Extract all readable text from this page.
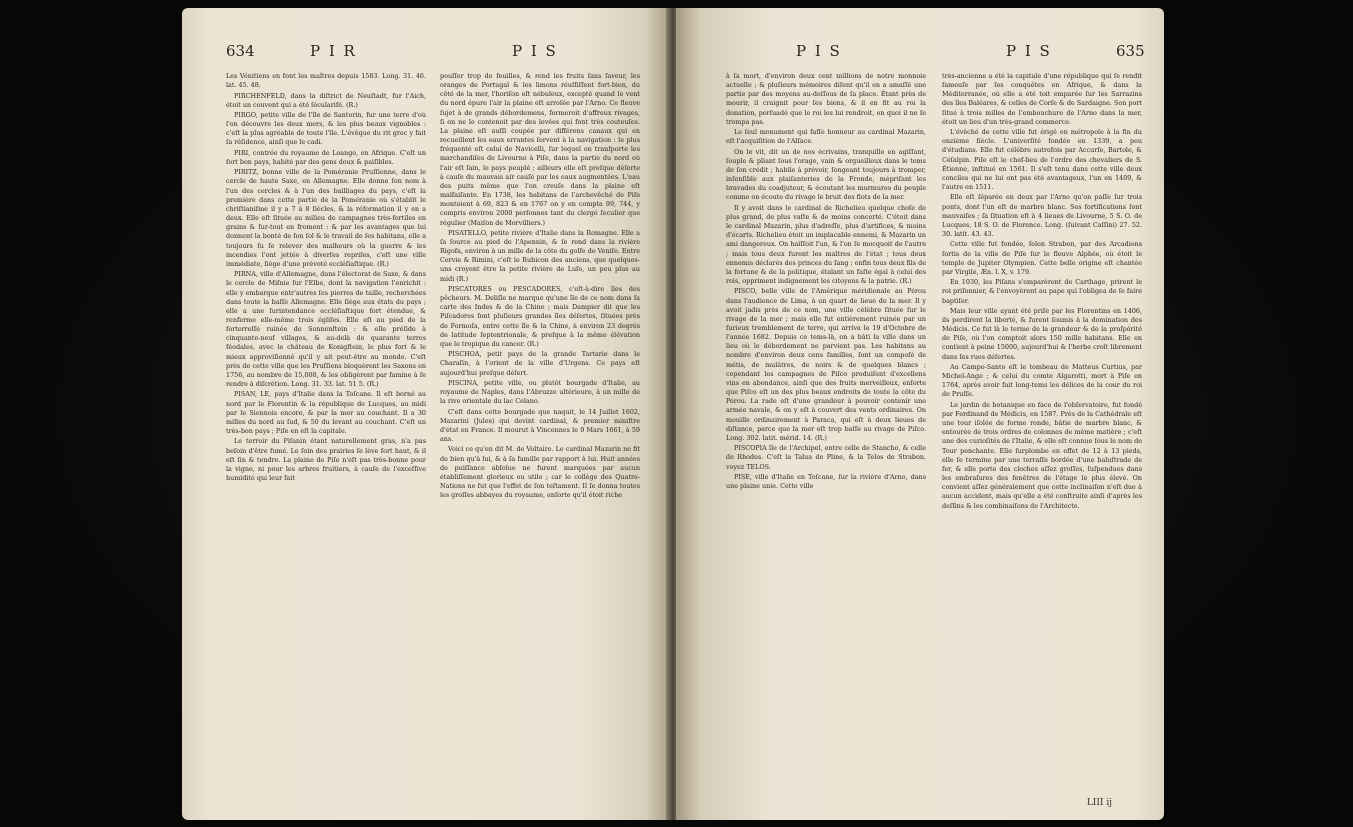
634	P I R	P I S

Les Vénitiens en font les maîtres depuis 1583. Long. 31. 46. lat. 45. 48.

PIRCHENFELD, dans la diſtrict de Neuſtadt, fur l'Aich, étoit un couvent qui a été ſécularifé. (R.)

PIRGO, petite ville de l'île de Santorin, fur une terre d'où l'on découvre les deux mers, & les plus beaux vignobles : c'eſt la plus agréable de toute l'île. L'évêque du rit grec y fait ſa réſidence, ainſi que le cadi.

PIRI, contrée du royaume de Loango, en Afrique. C'eſt un fort bon pays, habité par des gens doux & paiſibles.

PIRITZ, bonne ville de la Poméranie Pruſſienne, dans le cercle de haute Saxe, en Allemagne. Elle donne ſon nom à l'un des cercles & à l'un des bailliages du pays, c'eſt la première dans cette partie de la Poméranie où s'établit le chriſtianiſme il y a 7 à 8 ſiècles, & la réformation il y en a deux. Elle eſt ſituée au milieu de campagnes très-fertiles en grains & ſur-tout en froment : & par les avantages que lui donnent la bonté de ſon ſol & le travail de ſes habitans, elle a toujours ſu ſe relever des malheurs où la guerre & les incendies l'ont jettée à diverſes repriſes, c'eſt une ville immédiate, ſiège d'une prévoté eccléſiaſtique. (R.)

PIRNA, ville d'Allemagne, dans l'électorat de Saxe, & dans le cercle de Miſnie ſur l'Elbe, dont la navigation l'enrichit : elle y embarque entr'autres ſes pierres de taille, recherchées dans toute la baſſe Allemagne. Elle ſiège aux états du pays ; elle a une ſurintendance eccléſiaſtique fort étendue, & renferme elle-même trois égliſes. Elle eſt au pied de la forterreſſe ruinée de Sonnenſtein : & elle préſide à cinquante-neuf villages, & au-delà de quarante terres féodales, avec le château de Konigſtein, le plus fort & le mieux approviſionné qu'il y ait peut-être au monde. C'eſt près de cette ville que les Pruſſiens bloquèrent les Saxons en 1756, au nombre de 15,000, & les obligèrent par famine à ſe rendre à diſcrétion. Long. 31. 33. lat. 51 5. (R.)

PISAN, LE, pays d'Italie dans la Toſcane. Il eſt borné au nord par le Florentin & la république de Lucques, au midi par le Siennois encore, & par la mer au couchant. Il a 30 milles du nord au ſud, & 50 du levant au couchant. C'eſt un très-bon pays ; Piſe en eſt la capitale.

Le terroir du Piſanin étant naturellement gras, n'a pas beſoin d'être fumé. Le ſoin des prairies ſe lève fort haut, & il eſt ſin & tendre. La plaine de Piſe n'eſt pas très-bonne pour la vigne, ni pour les arbres fruitiers, à cauſe de l'exceſſive humidité qui leur fait

pouſſer trop de feuilles, & rend les fruits ſans ſaveur, les oranges de Portugal & les limons réuſſiſſent fort-bien, du côté de la mer, l'horiſon eſt nébuleux, excepté quand le vent du nord épure l'air la plaine eſt arroſée par l'Arno. Ce fleuve ſujet à de grands débordemens, formeroit d'affreux rivages, ſi on ne le contenoit par des levées qui font très couteuſes. La plaine eſt auſſi coupée par différens canaux qui en recueillent les eaux errantes ſervent à la navigation : le plus fréquenté eſt celui de Navicelli, ſur lequel on tranſporte les marchandiſes de Livourne à Piſe, dans la partie du nord où l'air eſt ſain, le pays peuplé ; ailleurs elle eſt preſque déſerte à cauſe du mauvais air cauſé par les eaux augmentées. L'eau des puits même que l'on creuſe dans la plaine eſt malfaiſante. En 1738, les habitans de l'archevêché de Piſe montoient à 69, 823 & en 1767 on y en compta 99, 744, y compris environ 2000 perſonnes tant du clergé ſeculier que régulier (Maiſon de Morvilliers.)

PISATELLO, petite rivière d'Italie dans la Romagne. Elle a ſa ſource au pied de l'Apennin, & ſe rend dans la rivière Rigofa, environ à un mille de la côte du golfe de Veniſe. Entre Cervie & Rimini, c'eſt le Rubicon des anciens, que quelques-uns croyent être la petite rivière de Luſo, un peu plus au midi (R.)

PISCATORES ou PESCADORES, c'eſt-à-dire îles des pêcheurs. M. Deliſle ne marque qu'une île de ce nom dans ſa carte des Indes & de la Chine ; mais Dampier dit que les Piſcadores ſont pluſieurs grandes îles déſertes, ſituées près de Formoſa, entre cette île & la Chine, à environ 23 degrés de latitude ſeptentrionale, & preſque à la même élévation que le tropique du cancer. (R.)

PISCHOA, petit pays de la grande Tartarie dans le Charaſin, à l'orient de la ville d'Urgens. Ce pays eſt aujourd'hui preſque déſert.

PISCINA, petite ville, ou plutôt bourgade d'Italie, au royaume de Naples, dans l'Abruzze ultérieure, à un mille de la rive orientale du lac Celano.

C'eſt dans cette bourgade que naquit, le 14 Juillet 1602, Mazarini (Jules) qui devint cardinal, & premier miniſtre d'état en France. Il mourut à Vincennes le 9 Mars 1661, à 59 ans.

Voici ce qu'en dit M. de Voltaire. Le cardinal Mazarin ne fit de bien qu'à lui, & à ſa famille par rapport à lui. Huit années de puiſſance abſolue ne furent marquées par aucun établiſſement glorieux ou utile ; car le collège des Quatre-Nations ne fut que l'effet de ſon teſtament. Il ſe donna toutes les groſſes abbayes du royaume, enſorte qu'il étoit riche

P I S	P I S	635

à ſa mort, d'environ deux cent millions de notre monnoie actuelle ; & pluſieurs mémoires diſent qu'il en a amaſſé une partie par des moyens au-deſſous de ſa place. Étant près de mourir, il craignit pour ſes biens, & il en fit au roi la donation, perſuadé que le roi les lui rendroit, en quoi il ne ſe trompa pas.

Le ſeul monument qui faſſe honneur au cardinal Mazarin, eſt l'acquiſition de l'Alſace.

On le vit, dit un de nos écrivains, tranquille en agiſſant, ſouple & pliant ſous l'orage, vain & orgueilleux dans le tems de ſon crédit ; habile à prévoir, ſongeant toujours à tromper, inſenſible aux plaiſanteries de la Fronde, mépriſant les bravades du coadjuteur, & écoutant les murmures du peuple comme on écoute du rivage le bruit des flots de la mer.

Il y avoit dans le cardinal de Richelieu quelque choſe de plus grand, de plus vaſte & de moins concerté. C'étoit dans le cardinal Mazarin, plus d'adreſſe, plus d'artifices, & moins d'écarts. Richelieu étoit un implacable ennemi, & Mazarin un ami dangereux. On haïſſoit l'un, & l'on ſe mocquoit de l'autre ; mais tous deux furent les maîtres de l'état ; tous deux ennemis déclarés des princes du ſang ; enfin tous deux fils de la fortune & de la politique, étalant un faſte égal à celui des rois, oppriment indignement les citoyens & la patrie. (R.)

PISCO, belle ville de l'Amérique méridionale au Pérou dans l'audience de Lima, à un quart de lieue de la mer. Il y avoit jadis près de ce nom, une ville célèbre ſituée ſur le rivage de la mer ; mais elle fut entièrement ruinée par un furieux tremblement de terre, qui arriva le 19 d'Octobre de l'année 1682. Depuis ce tems-là, on a bâti la ville dans un lieu où le débordement ne parvient pas. Les habitans au nombre d'environ deux cens familles, ſont un compoſé de métis, de mulâtres, de noirs & de quelques blancs ; cependant les campagnes de Piſco produiſent d'excellens vins en abondance, ainſi que des fruits merveilleux, enſorte que Piſco eſt un des plus beaux endroits de toute la côte du Pérou. La rade eſt d'une grandeur à pouvoir contenir une armée navale, & on y eſt à couvert des vents ordinaires. On mouille ordinairement à Paraca, qui eſt à deux lieues de diſtance, parce que la mer eſt trop baſſe au rivage de Piſco. Long. 302. latit. mérid. 14. (R.)

PISCOPIA île de l'Archipel, entre celle de Stancho, & celle de Rhodes. C'eſt la Talua de Pline, & la Telos de Strabon. voyez TELOS.

PISE, ville d'Italie en Toſcane, ſur la rivière d'Arno, dans une plaine unie. Cette ville

très-ancienne a été la capitale d'une république qui ſe rendit fameuſe par ſes conquêtes en Afrique, & dans la Méditerranée, où elle a été toit emparée ſur les Sarrazins des îles Baléares, & celles de Corſe & de Sardaigne. Son port ſitué à trois milles de l'embouchure de l'Arno dans la mer, étoit un lieu d'un très-grand commerce.

L'évêché de cette ville fut érigé en métropole à la fin du onzième ſiècle. L'univerſité fondée en 1339, a peu d'étudians. Elle fut célèbre autrefois par Accurſe, Bartole, & Céſalpin. Piſe eſt le chef-lieu de l'ordre des chevaliers de S. Étienne, inſtitué en 1561. Il s'eſt tenu dans cette ville deux conciles qui ne lui ont pas été avantageux, l'un en 1409, & l'autre en 1511.

Elle eſt ſéparée en deux par l'Arno qu'on paſſe ſur trois ponts, dont l'un eſt de marbre blanc. Ses fortifications ſont mauvaiſes ; ſa ſituation eſt à 4 lieues de Livourne, 5 S. O. de Lucques, 18 S. O. de Florence. Long. (ſuivant Caſſini) 27. 52. 30. latit. 43. 43.

Cette ville fut fondée, ſelon Strabon, par des Arcadiens ſortis de la ville de Piſe ſur le fleuve Alphée, où étoit le temple de Jupiter Olympien. Cette belle origine eſt chantée par Virgile, Æn. l. X, v. 179.

En 1030, les Piſans s'emparèrent de Carthage, prirent le roi priſonnier, & l'envoyèrent au pape qui l'obligea de ſe faire baptiſer.

Mais leur ville ayant été priſe par les Florentins en 1406, ils perdirent la liberté, & furent ſoumis à la domination des Médicis. Ce fut là le terme de la grandeur & de la proſpérité de Piſe, où l'on comptoit alors 150 mille habitans. Elle en contient à peine 15000, aujourd'hui & l'herbe croît librement dans ſes rues déſertes.

Au Campo-Santo eſt le tombeau de Matteus Curtius, par Michel-Ange ; & celui du comte Algarotti, mort à Piſe en 1764, après avoir fait long-tems les délices de la cour du roi de Pruſſe.

Le jardin de botanique en face de l'obſervatoire, fut fondé par Ferdinand de Médicis, en 1587. Près de la Cathédrale eſt une tour iſolée de forme ronde, bâtie de marbre blanc, & entourée de trois ordres de colonnes de même matière ; c'eſt une des curioſités de l'Italie, & elle eſt connue ſous le nom de Tour penchante. Elle ſurplombe en effet de 12 à 13 pieds, elle ſe termine par une terraſſe bordée d'une baluſtrade de fer, & elle porte des cloches aſſez groſſes, ſuſpendues dans les embraſures des fenêtres de l'étage le plus élevé. On convient aſſez généralement que cette inclinaiſon n'eſt due à aucun accident, mais qu'elle a été conſtruite ainſi d'après les deſſins & les combinaiſons de l'Architecte.

LIII ij
